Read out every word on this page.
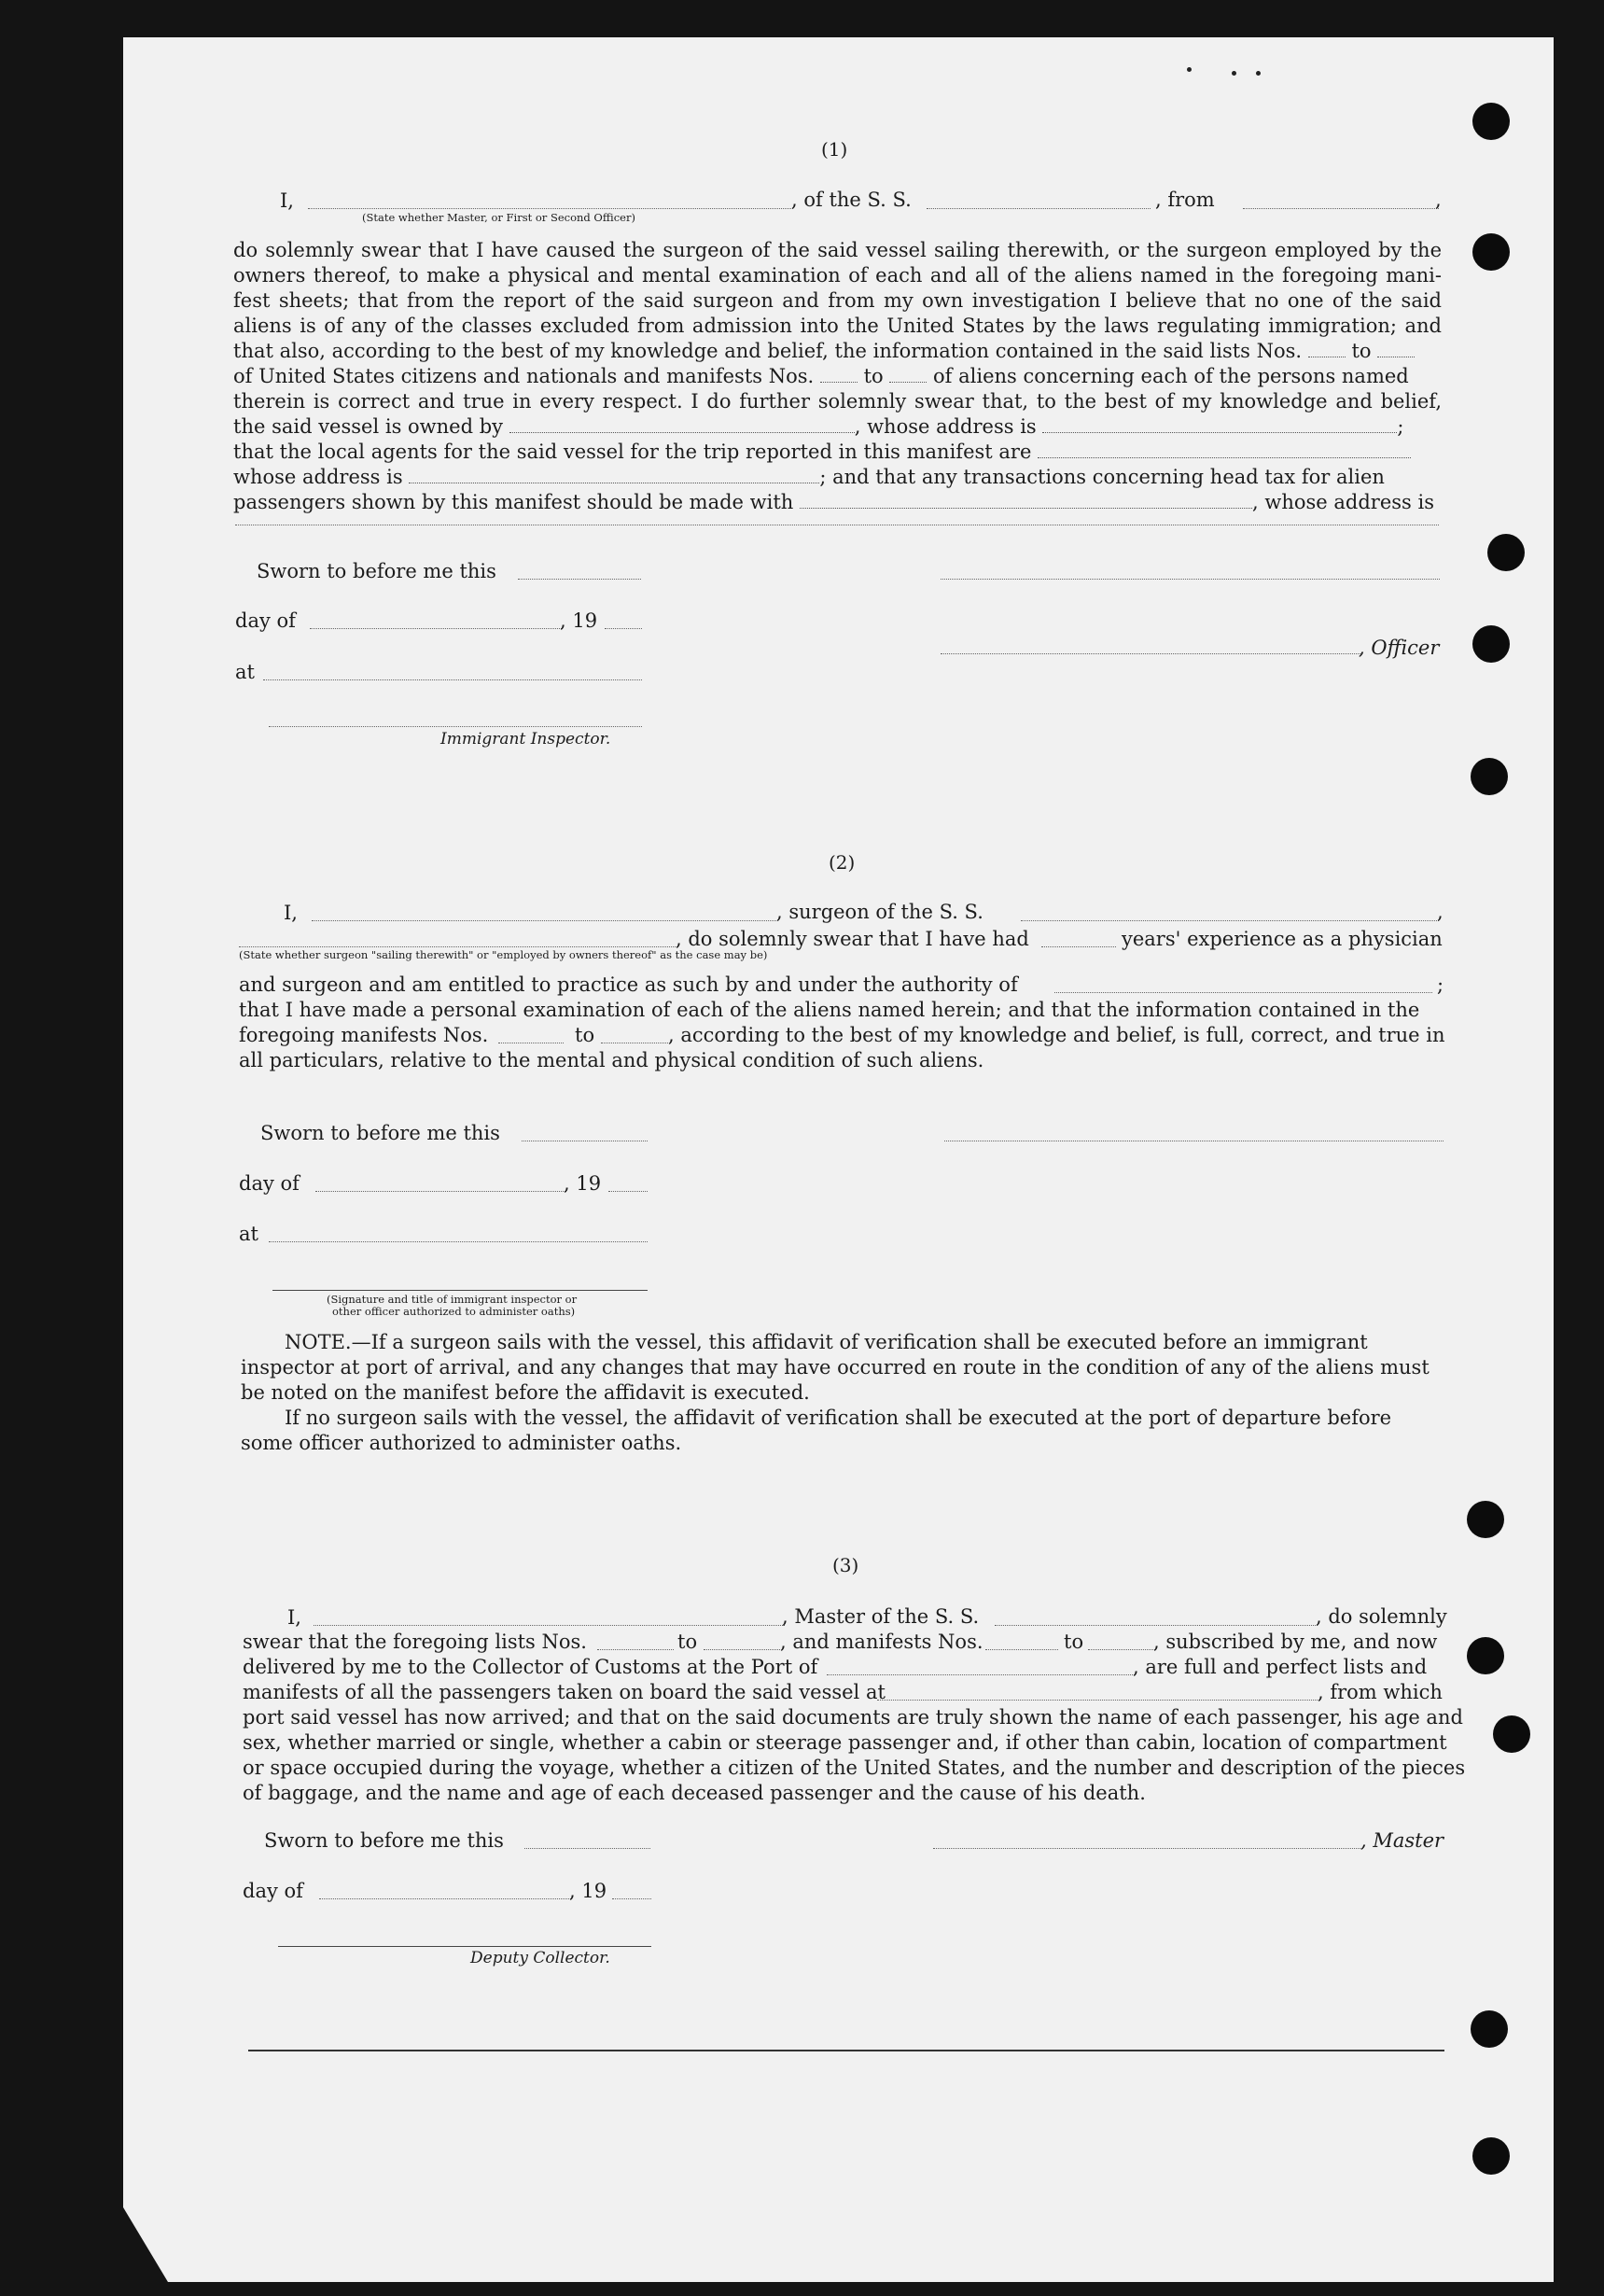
(1)
I,	, of the S. S.	, from	,
(State whether Master, or First or Second Officer)
do solemnly swear that I have caused the surgeon of the said vessel sailing therewith, or the surgeon employed by the
owners thereof, to make a physical and mental examination of each and all of the aliens named in the foregoing mani-
fest sheets; that from the report of the said surgeon and from my own investigation I believe that no one of the said
aliens is of any of the classes excluded from admission into the United States by the laws regulating immigration; and
that also, according to the best of my knowledge and belief, the information contained in the said lists Nos.	to
of United States citizens and nationals and manifests Nos.	to	of aliens concerning each of the persons named
therein is correct and true in every respect. I do further solemnly swear that, to the best of my knowledge and belief,
the said vessel is owned by	, whose address is	;
that the local agents for the said vessel for the trip reported in this manifest are
whose address is	; and that any transactions concerning head tax for alien
passengers shown by this manifest should be made with	, whose address is
Sworn to before me this
day of	, 19
, Officer
at
Immigrant Inspector.
(2)
I,	, surgeon of the S. S.	,
, do solemnly swear that I have had	years' experience as a physician
(State whether surgeon "sailing therewith" or "employed by owners thereof" as the case may be)
and surgeon and am entitled to practice as such by and under the authority of	;
that I have made a personal examination of each of the aliens named herein; and that the information contained in the
foregoing manifests Nos.	to	, according to the best of my knowledge and belief, is full, correct, and true in
all particulars, relative to the mental and physical condition of such aliens.
Sworn to before me this
day of	, 19
at
(Signature and title of immigrant inspector or
other officer authorized to administer oaths)
NOTE.—If a surgeon sails with the vessel, this affidavit of verification shall be executed before an immigrant
inspector at port of arrival, and any changes that may have occurred en route in the condition of any of the aliens must
be noted on the manifest before the affidavit is executed.
If no surgeon sails with the vessel, the affidavit of verification shall be executed at the port of departure before
some officer authorized to administer oaths.
(3)
I,	, Master of the S. S.	, do solemnly
swear that the foregoing lists Nos.	to	, and manifests Nos.	to	, subscribed by me, and now
delivered by me to the Collector of Customs at the Port of	, are full and perfect lists and
manifests of all the passengers taken on board the said vessel at	, from which
port said vessel has now arrived; and that on the said documents are truly shown the name of each passenger, his age and
sex, whether married or single, whether a cabin or steerage passenger and, if other than cabin, location of compartment
or space occupied during the voyage, whether a citizen of the United States, and the number and description of the pieces
of baggage, and the name and age of each deceased passenger and the cause of his death.
Sworn to before me this	, Master
day of	, 19
Deputy Collector.
